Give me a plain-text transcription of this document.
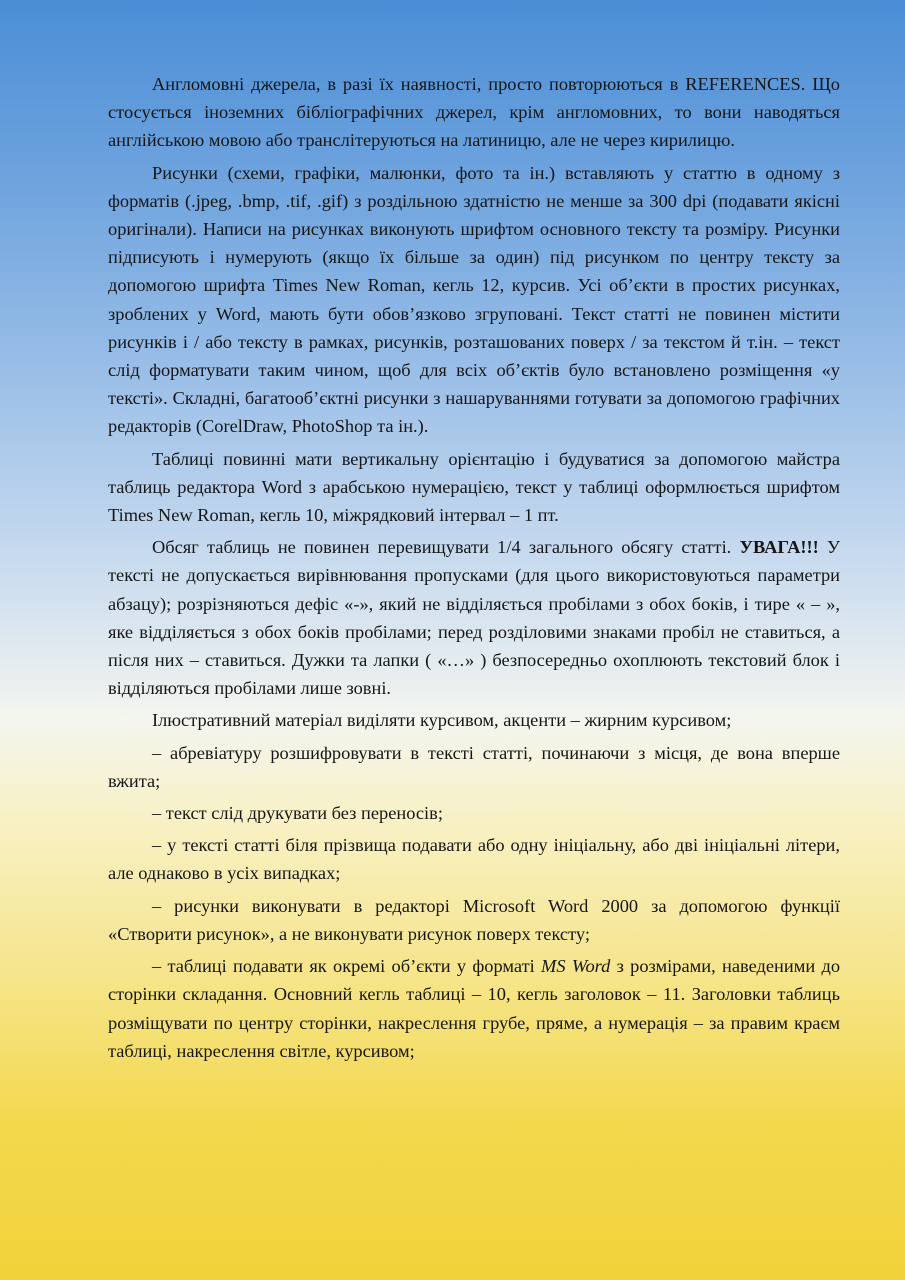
Англомовні джерела, в разі їх наявності, просто повторюються в REFERENCES. Що стосується іноземних бібліографічних джерел, крім англомовних, то вони наводяться англійською мовою або транслітеруються на латиницю, але не через кирилицю.

Рисунки (схеми, графіки, малюнки, фото та ін.) вставляють у статтю в одному з форматів (.jpeg, .bmp, .tif, .gif) з роздільною здатністю не менше за 300 dpi (подавати якісні оригінали). Написи на рисунках виконують шрифтом основного тексту та розміру. Рисунки підписують і нумерують (якщо їх більше за один) під рисунком по центру тексту за допомогою шрифта Times New Roman, кегль 12, курсив. Усі об’єкти в простих рисунках, зроблених у Word, мають бути обов’язково згруповані. Текст статті не повинен містити рисунків і / або тексту в рамках, рисунків, розташованих поверх / за текстом й т.ін. – текст слід форматувати таким чином, щоб для всіх об’єктів було встановлено розміщення «у тексті». Складні, багатооб’єктні рисунки з нашаруваннями готувати за допомогою графічних редакторів (CorelDraw, PhotoShop та ін.).

Таблиці повинні мати вертикальну орієнтацію і будуватися за допомогою майстра таблиць редактора Word з арабською нумерацією, текст у таблиці оформлюється шрифтом Times New Roman, кегль 10, міжрядковий інтервал – 1 пт.

Обсяг таблиць не повинен перевищувати 1/4 загального обсягу статті. УВАГА!!! У тексті не допускається вирівнювання пропусками (для цього використовуються параметри абзацу); розрізняються дефіс «-», який не відділяється пробілами з обох боків, і тире « – », яке відділяється з обох боків пробілами; перед розділовими знаками пробіл не ставиться, а після них – ставиться. Дужки та лапки ( «…» ) безпосередньо охоплюють текстовий блок і відділяються пробілами лише зовні.

Ілюстративний матеріал виділяти курсивом, акценти – жирним курсивом;

– абревіатуру розшифровувати в тексті статті, починаючи з місця, де вона вперше вжита;

– текст слід друкувати без переносів;

– у тексті статті біля прізвища подавати або одну ініціальну, або дві ініціальні літери, але однаково в усіх випадках;

– рисунки виконувати в редакторі Microsoft Word 2000 за допомогою функції «Створити рисунок», а не виконувати рисунок поверх тексту;

– таблиці подавати як окремі об’єкти у форматі MS Word з розмірами, наведеними до сторінки складання. Основний кегль таблиці – 10, кегль заголовок – 11. Заголовки таблиць розміщувати по центру сторінки, накреслення грубе, пряме, а нумерація – за правим краєм таблиці, накреслення світле, курсивом;
